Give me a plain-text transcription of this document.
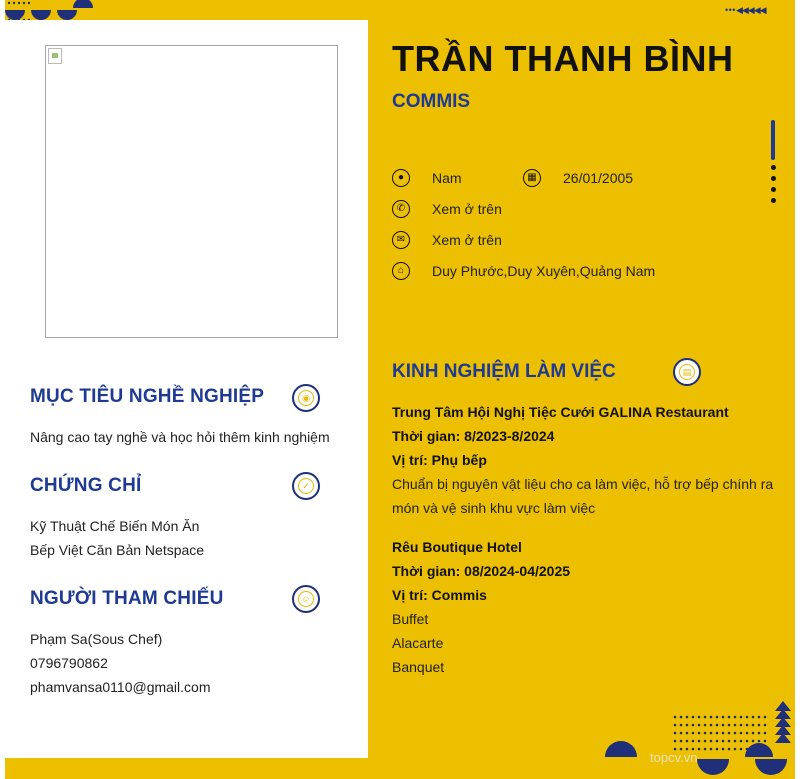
• • • ◀◀◀◀◀
MỤC TIÊU NGHỀ NGHIỆP	◉
Nâng cao tay nghề và học hỏi thêm kinh nghiệm
CHỨNG CHỈ	✓
Kỹ Thuật Chế Biến Món Ăn
Bếp Việt Căn Bản Netspace
NGƯỜI THAM CHIẾU	☺
Phạm Sa(Sous Chef)
0796790862
phamvansa0110@gmail.com
TRẦN THANH BÌNH
COMMIS
●	Nam	▦	26/01/2005
✆	Xem ở trên
✉	Xem ở trên
⌂	Duy Phước,Duy Xuyên,Quảng Nam
KINH NGHIỆM LÀM VIỆC	▤
Trung Tâm Hội Nghị Tiệc Cưới GALINA Restaurant
Thời gian: 8/2023-8/2024
Vị trí: Phụ bếp
Chuẩn bị nguyên vật liệu cho ca làm việc, hỗ trợ bếp chính ra món và vệ sinh khu vực làm việc
Rêu Boutique Hotel
Thời gian: 08/2024-04/2025
Vị trí: Commis
Buffet
Alacarte
Banquet
topcv.vn
